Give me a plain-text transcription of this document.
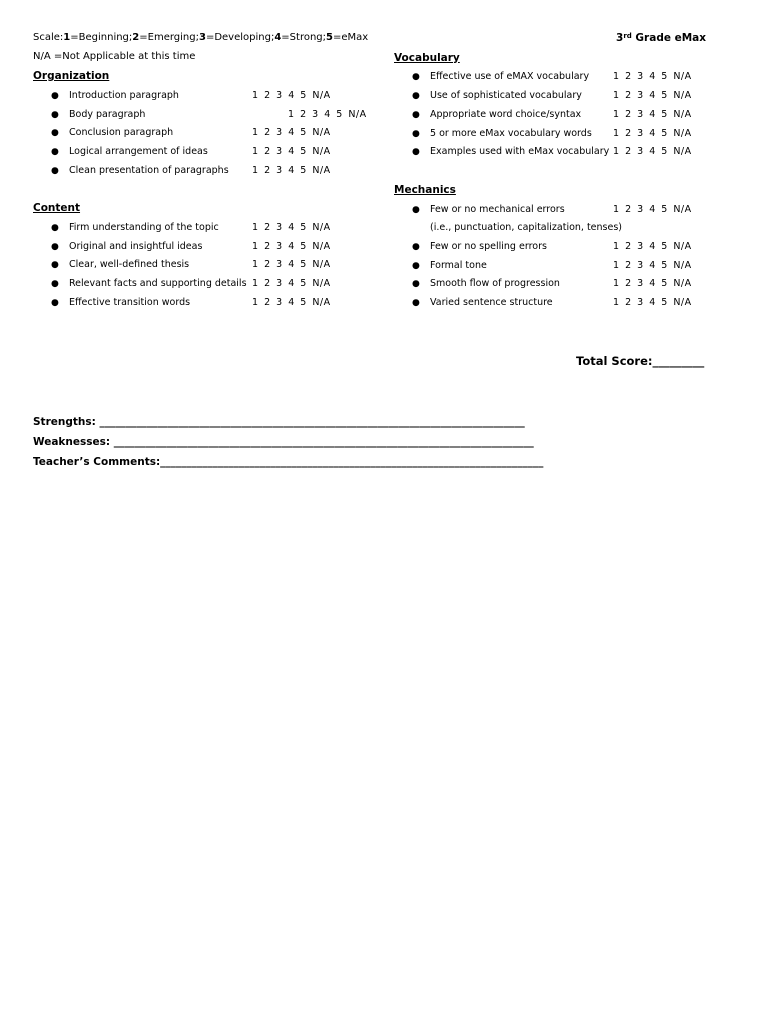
Scale:1=Beginning;2=Emerging;3=Developing;4=Strong;5=eMax
N/A =Not Applicable at this time
3rd Grade eMax
Organization
● Introduction paragraph	1 2 3 4 5 N/A
● Body paragraph	1 2 3 4 5 N/A
● Conclusion paragraph	1 2 3 4 5 N/A
● Logical arrangement of ideas	1 2 3 4 5 N/A
● Clean presentation of paragraphs 1 2 3 4 5 N/A
Content
● Firm understanding of the topic	1 2 3 4 5 N/A
● Original and insightful ideas	1 2 3 4 5 N/A
● Clear, well-defined thesis	1 2 3 4 5 N/A
● Relevant facts and supporting details 1 2 3 4 5 N/A
● Effective transition words	1 2 3 4 5 N/A
Vocabulary
● Effective use of eMAX vocabulary	1 2 3 4 5 N/A
● Use of sophisticated vocabulary	1 2 3 4 5 N/A
● Appropriate word choice/syntax	1 2 3 4 5 N/A
● 5 or more eMax vocabulary words 1 2 3 4 5 N/A
● Examples used with eMax vocabulary 1 2 3 4 5 N/A
Mechanics
● Few or no mechanical errors	1 2 3 4 5 N/A
(i.e., punctuation, capitalization, tenses)
● Few or no spelling errors	1 2 3 4 5 N/A
● Formal tone	1 2 3 4 5 N/A
● Smooth flow of progression	1 2 3 4 5 N/A
● Varied sentence structure	1 2 3 4 5 N/A
Total Score:_________
Strengths: _________________________________________________________________________________
Weaknesses: ________________________________________________________________________________
Teacher’s Comments:_________________________________________________________________________
